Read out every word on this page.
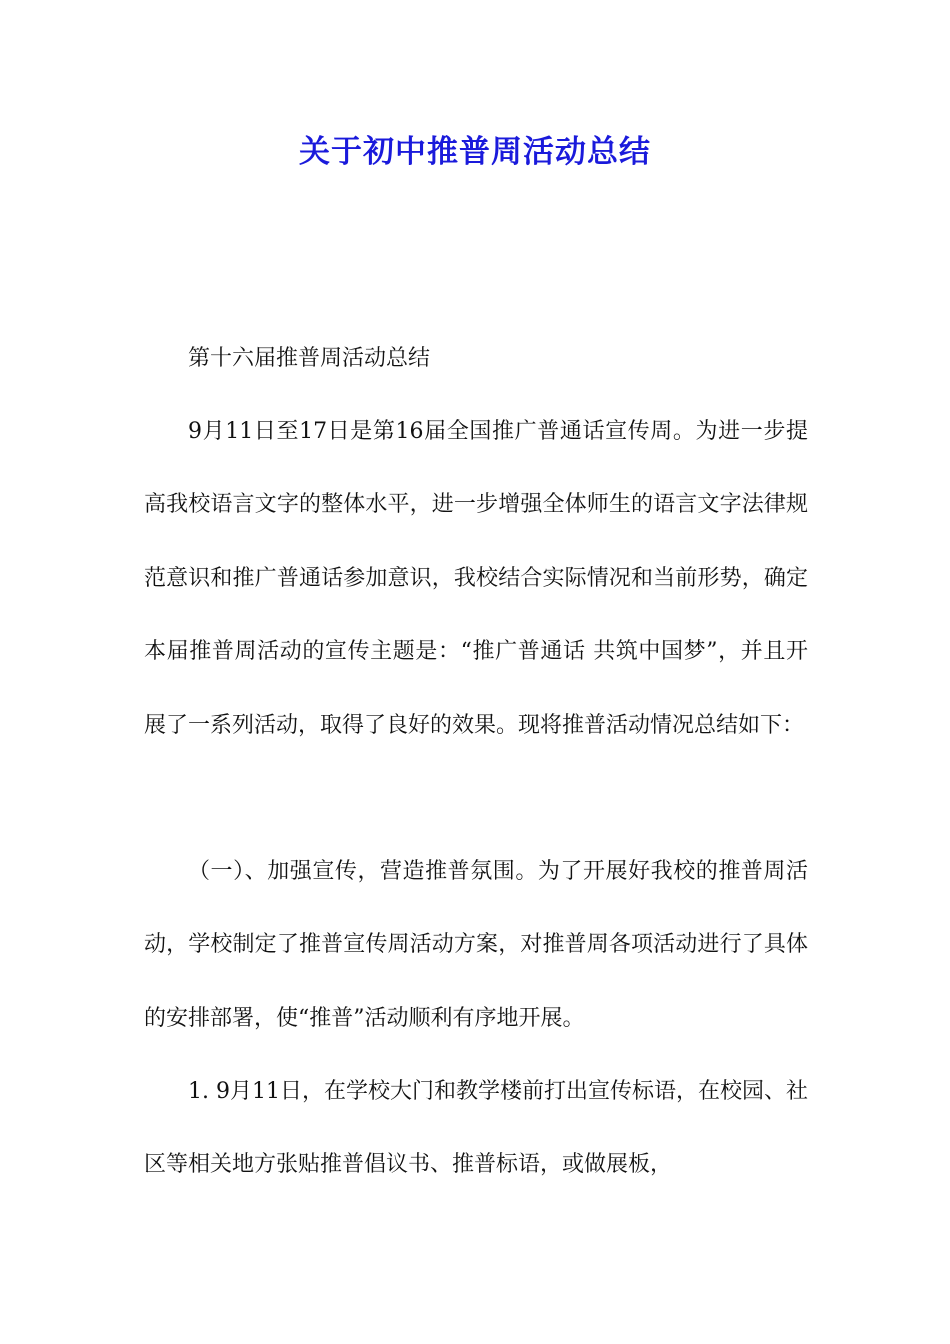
关于初中推普周活动总结

第十六届推普周活动总结

9月11日至17日是第16届全国推广普通话宣传周。为进一步提高我校语言文字的整体水平，进一步增强全体师生的语言文字法律规范意识和推广普通话参加意识，我校结合实际情况和当前形势，确定本届推普周活动的宣传主题是：“推广普通话 共筑中国梦”，并且开展了一系列活动，取得了良好的效果。现将推普活动情况总结如下：

（一）、加强宣传，营造推普氛围。为了开展好我校的推普周活动，学校制定了推普宣传周活动方案，对推普周各项活动进行了具体的安排部署，使“推普”活动顺利有序地开展。

1. 9月11日，在学校大门和教学楼前打出宣传标语，在校园、社区等相关地方张贴推普倡议书、推普标语，或做展板，
